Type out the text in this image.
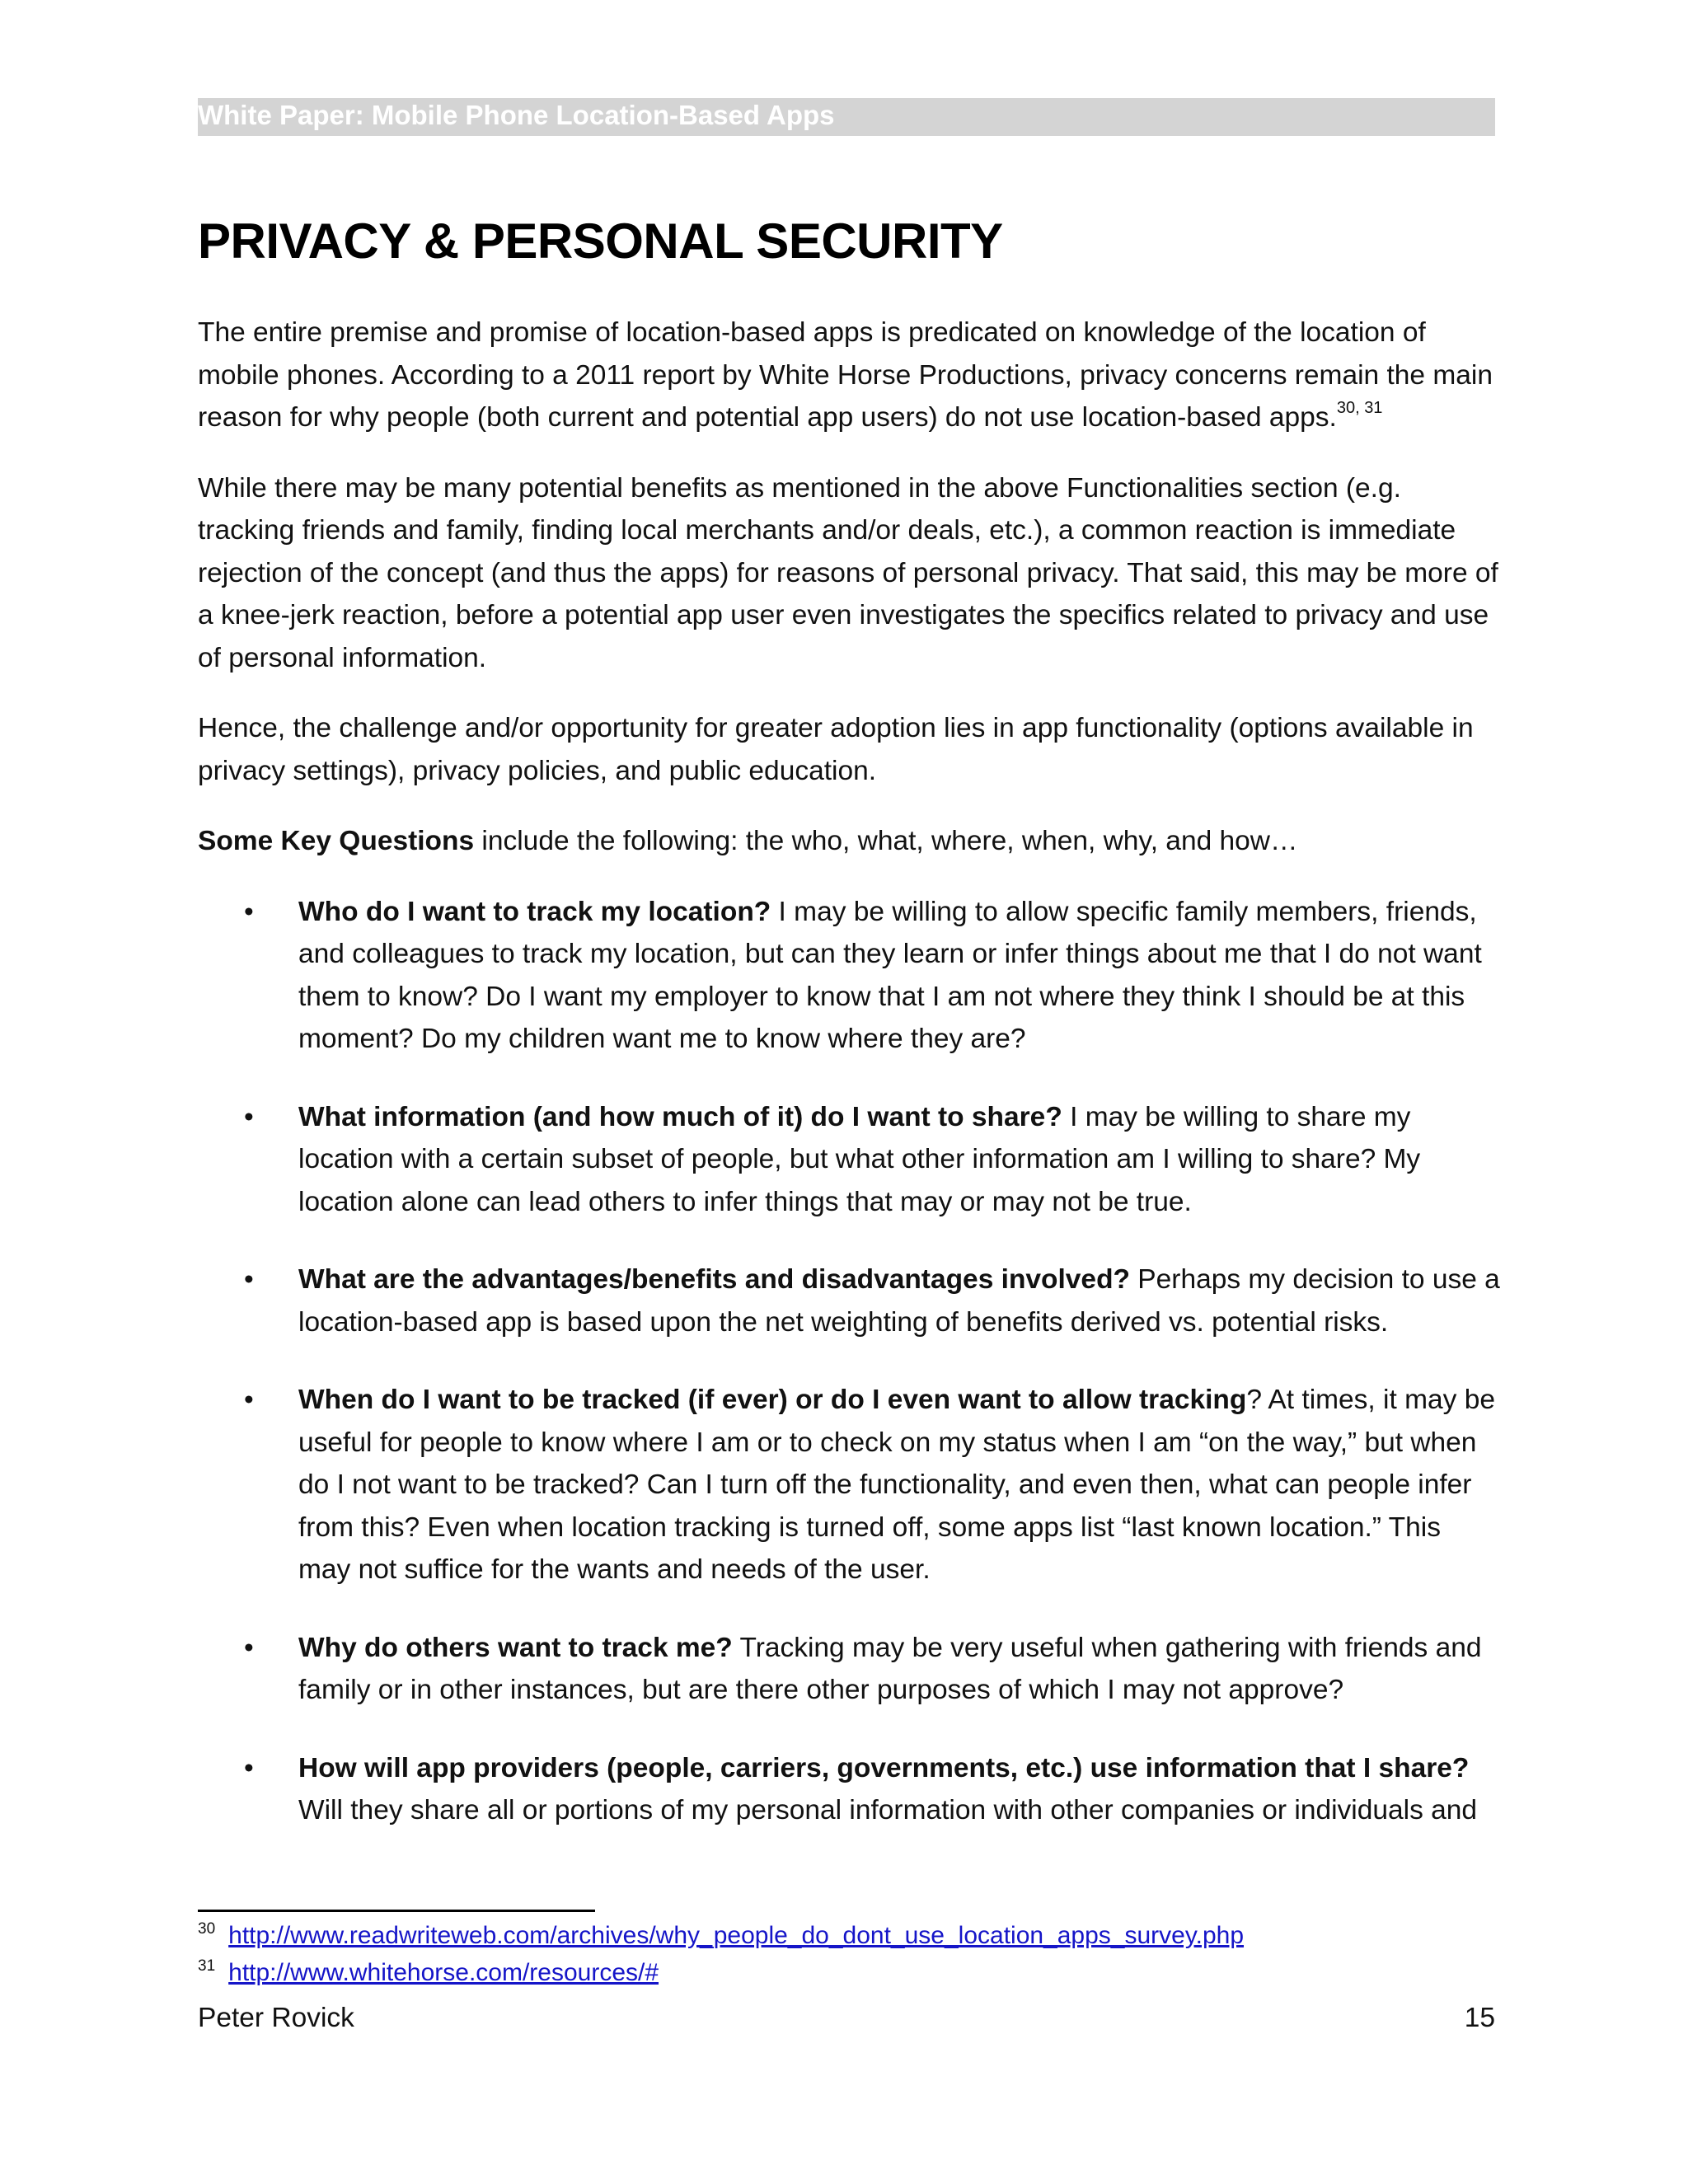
White Paper: Mobile Phone Location-Based Apps
PRIVACY & PERSONAL SECURITY

The entire premise and promise of location-based apps is predicated on knowledge of the location of mobile phones. According to a 2011 report by White Horse Productions, privacy concerns remain the main reason for why people (both current and potential app users) do not use location-based apps.$^{30, 31}$

While there may be many potential benefits as mentioned in the above Functionalities section (e.g. tracking friends and family, finding local merchants and/or deals, etc.), a common reaction is immediate rejection of the concept (and thus the apps) for reasons of personal privacy. That said, this may be more of a knee-jerk reaction, before a potential app user even investigates the specifics related to privacy and use of personal information.

Hence, the challenge and/or opportunity for greater adoption lies in app functionality (options available in privacy settings), privacy policies, and public education.

Some Key Questions include the following: the who, what, where, when, why, and how…

• Who do I want to track my location? I may be willing to allow specific family members, friends, and colleagues to track my location, but can they learn or infer things about me that I do not want them to know? Do I want my employer to know that I am not where they think I should be at this moment? Do my children want me to know where they are?
• What information (and how much of it) do I want to share? I may be willing to share my location with a certain subset of people, but what other information am I willing to share? My location alone can lead others to infer things that may or may not be true.
• What are the advantages/benefits and disadvantages involved? Perhaps my decision to use a location-based app is based upon the net weighting of benefits derived vs. potential risks.
• When do I want to be tracked (if ever) or do I even want to allow tracking? At times, it may be useful for people to know where I am or to check on my status when I am “on the way,” but when do I not want to be tracked? Can I turn off the functionality, and even then, what can people infer from this? Even when location tracking is turned off, some apps list “last known location.” This may not suffice for the wants and needs of the user.
• Why do others want to track me? Tracking may be very useful when gathering with friends and family or in other instances, but are there other purposes of which I may not approve?
• How will app providers (people, carriers, governments, etc.) use information that I share? Will they share all or portions of my personal information with other companies or individuals and
$^{30}$ http://www.readwriteweb.com/archives/why_people_do_dont_use_location_apps_survey.php
$^{31}$ http://www.whitehorse.com/resources/#
Peter Rovick	15
